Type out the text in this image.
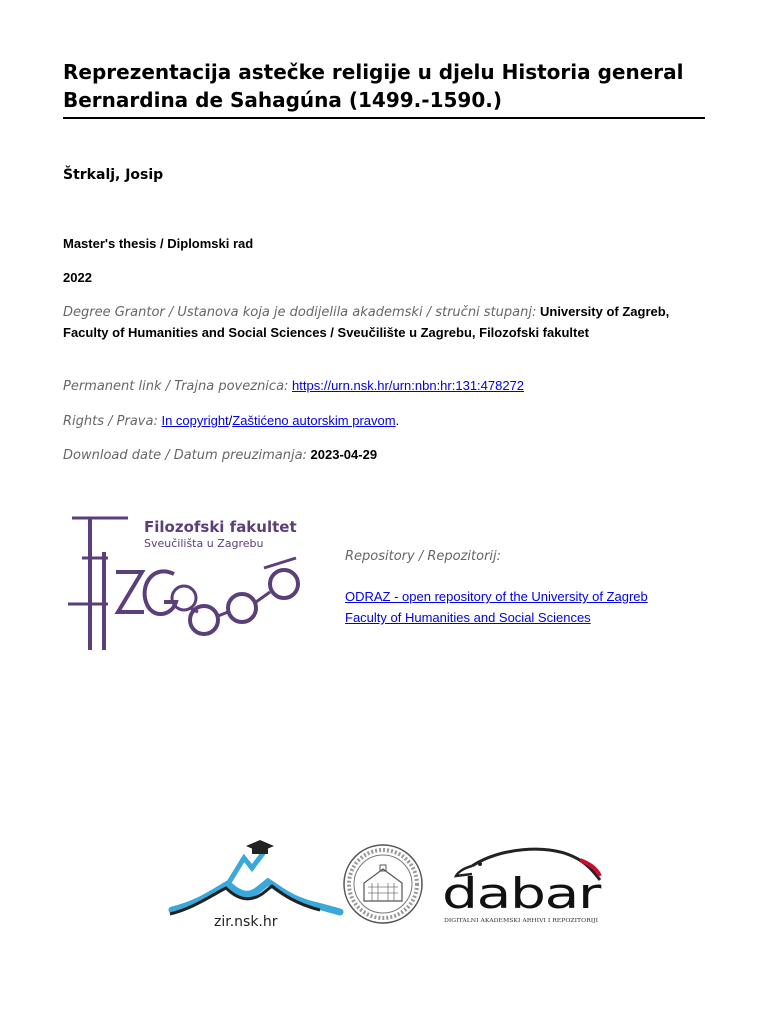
Reprezentacija astečke religije u djelu Historia general Bernardina de Sahagúna (1499.-1590.)
Štrkalj, Josip
Master's thesis / Diplomski rad
2022
Degree Grantor / Ustanova koja je dodijelila akademski / stručni stupanj: University of Zagreb, Faculty of Humanities and Social Sciences / Sveučilište u Zagrebu, Filozofski fakultet
Permanent link / Trajna poveznica: https://urn.nsk.hr/urn:nbn:hr:131:478272
Rights / Prava: In copyright/Zaštićeno autorskim pravom.
Download date / Datum preuzimanja: 2023-04-29
Filozofski fakultet
Sveučilišta u Zagrebu
Repository / Repozitorij:
ODRAZ - open repository of the University of Zagreb
Faculty of Humanities and Social Sciences
zir.nsk.hr
dabar
DIGITALNI AKADEMSKI ARHIVI I REPOZITORIJI
